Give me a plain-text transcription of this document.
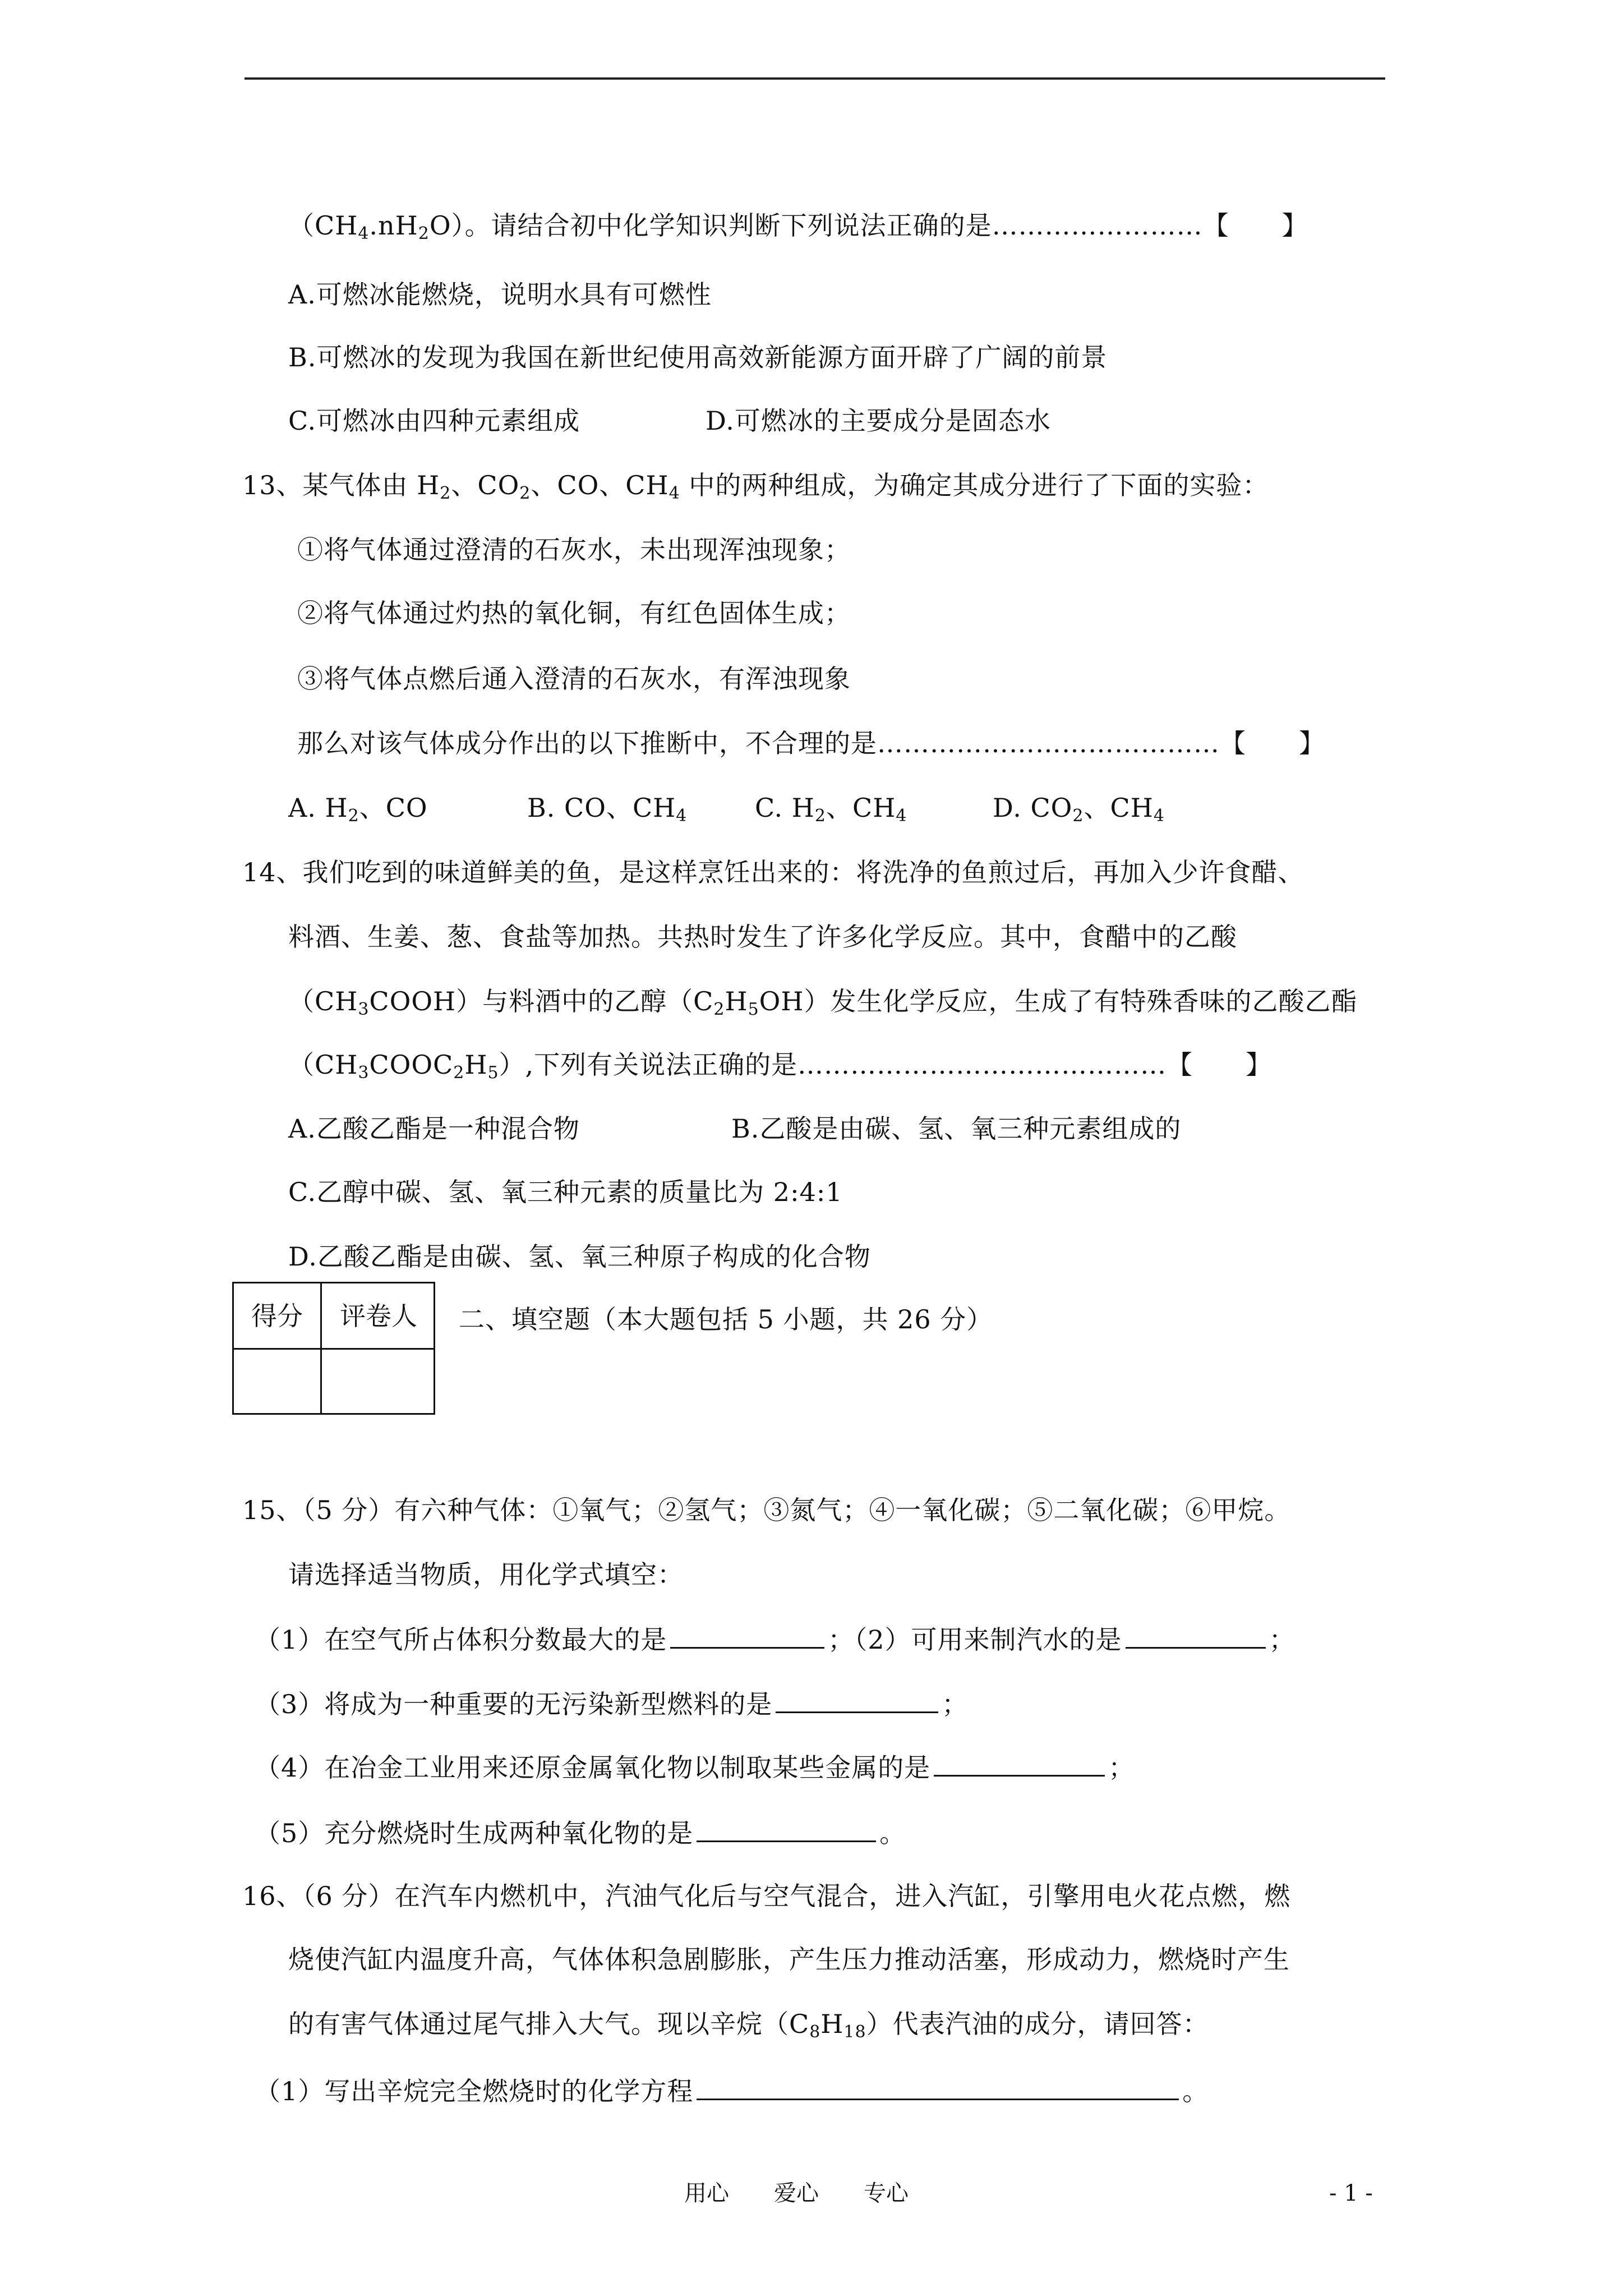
$(CH_4.nH_2O)$。请结合初中化学知识判断下列说法正确的是……………………【　　】
A.可燃冰能燃烧，说明水具有可燃性
B.可燃冰的发现为我国在新世纪使用高效新能源方面开辟了广阔的前景
C.可燃冰由四种元素组成	D.可燃冰的主要成分是固态水
13、某气体由 $H_2$、$CO_2$、CO、$CH_4$ 中的两种组成，为确定其成分进行了下面的实验：
①将气体通过澄清的石灰水，未出现浑浊现象；
②将气体通过灼热的氧化铜，有红色固体生成；
③将气体点燃后通入澄清的石灰水，有浑浊现象
那么对该气体成分作出的以下推断中，不合理的是…………………………………【　　】
A. $H_2$、CO	B. CO、$CH_4$	C. $H_2$、$CH_4$	D. $CO_2$、$CH_4$
14、我们吃到的味道鲜美的鱼，是这样烹饪出来的：将洗净的鱼煎过后，再加入少许食醋、
料酒、生姜、葱、食盐等加热。共热时发生了许多化学反应。其中，食醋中的乙酸
$(CH_3COOH)$与料酒中的乙醇$(C_2H_5OH)$发生化学反应，生成了有特殊香味的乙酸乙酯
$(CH_3COOC_2H_5)$,下列有关说法正确的是……………………………………【　　】
A.乙酸乙酯是一种混合物	B.乙酸是由碳、氢、氧三种元素组成的
C.乙醇中碳、氢、氧三种元素的质量比为 2:4:1
D.乙酸乙酯是由碳、氢、氧三种原子构成的化合物
得分	评卷人	二、填空题（本大题包括 5 小题，共 26 分）
15、（5 分）有六种气体：①氧气；②氢气；③氮气；④一氧化碳；⑤二氧化碳；⑥甲烷。
请选择适当物质，用化学式填空：
（1）在空气所占体积分数最大的是	；（2）可用来制汽水的是	；
（3）将成为一种重要的无污染新型燃料的是	；
（4）在冶金工业用来还原金属氧化物以制取某些金属的是	；
（5）充分燃烧时生成两种氧化物的是	。
16、（6 分）在汽车内燃机中，汽油气化后与空气混合，进入汽缸，引擎用电火花点燃，燃
烧使汽缸内温度升高，气体体积急剧膨胀，产生压力推动活塞，形成动力，燃烧时产生
的有害气体通过尾气排入大气。现以辛烷$(C_8H_{18})$代表汽油的成分，请回答：
（1）写出辛烷完全燃烧时的化学方程	。
用心　　爱心　　专心	- 1 -
